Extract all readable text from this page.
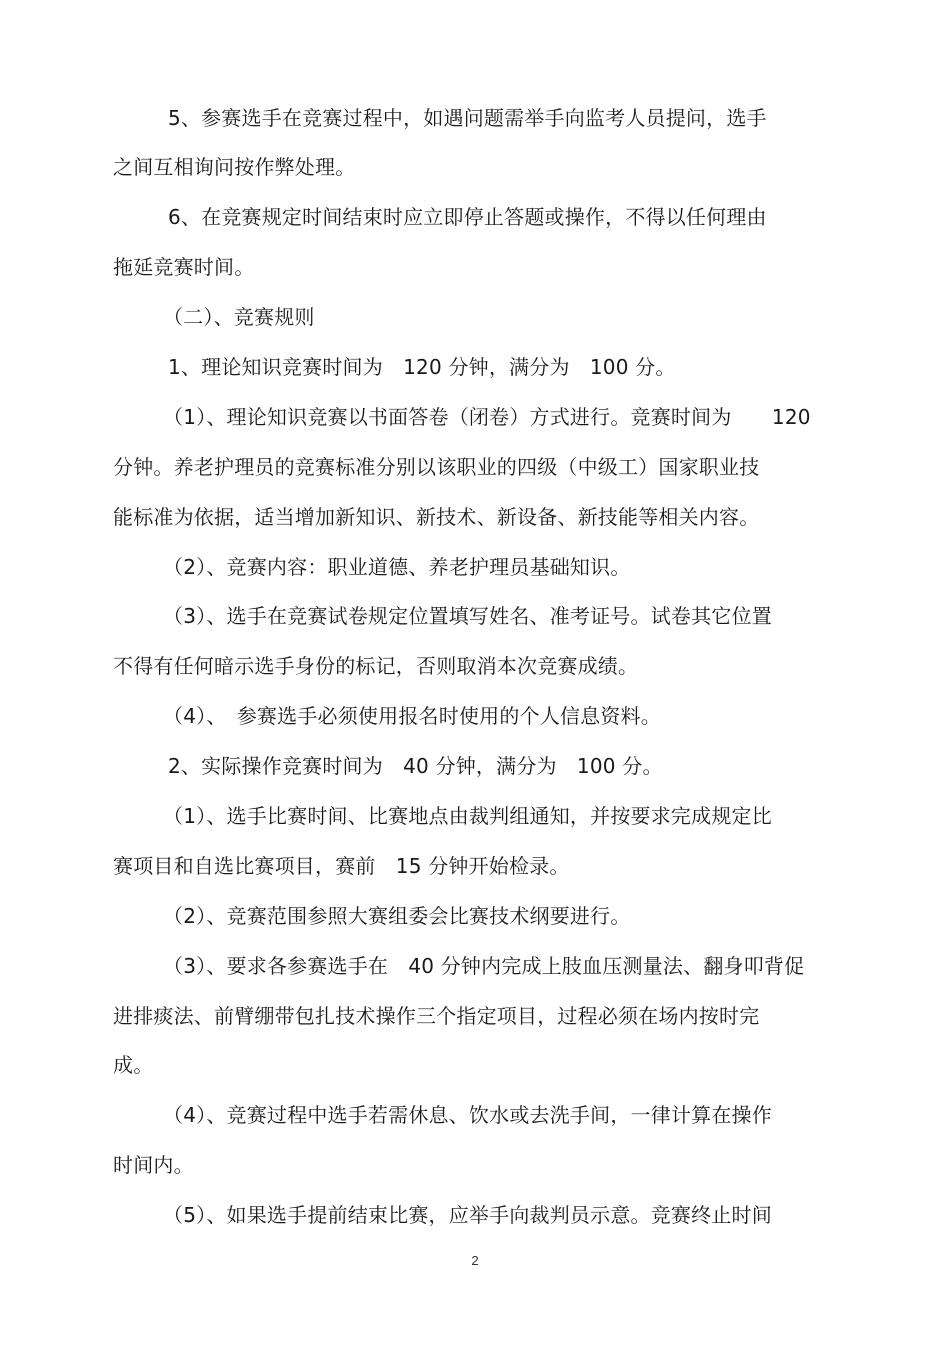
5、参赛选手在竞赛过程中，如遇问题需举手向监考人员提问，选手
之间互相询问按作弊处理。
6、在竞赛规定时间结束时应立即停止答题或操作，不得以任何理由
拖延竞赛时间。
（二）、竞赛规则
1、理论知识竞赛时间为　120 分钟，满分为　100 分。
（1）、理论知识竞赛以书面答卷（闭卷）方式进行。竞赛时间为　　120
分钟。养老护理员的竞赛标准分别以该职业的四级（中级工）国家职业技
能标准为依据，适当增加新知识、新技术、新设备、新技能等相关内容。
（2）、竞赛内容：职业道德、养老护理员基础知识。
（3）、选手在竞赛试卷规定位置填写姓名、准考证号。试卷其它位置
不得有任何暗示选手身份的标记，否则取消本次竞赛成绩。
（4）、　参赛选手必须使用报名时使用的个人信息资料。
2、实际操作竞赛时间为　40 分钟，满分为　100 分。
（1）、选手比赛时间、比赛地点由裁判组通知，并按要求完成规定比
赛项目和自选比赛项目，赛前　15 分钟开始检录。
（2）、竞赛范围参照大赛组委会比赛技术纲要进行。
（3）、要求各参赛选手在　40 分钟内完成上肢血压测量法、翻身叩背促
进排痰法、前臂绷带包扎技术操作三个指定项目，过程必须在场内按时完
成。
（4）、竞赛过程中选手若需休息、饮水或去洗手间，一律计算在操作
时间内。
（5）、如果选手提前结束比赛，应举手向裁判员示意。竞赛终止时间
2
